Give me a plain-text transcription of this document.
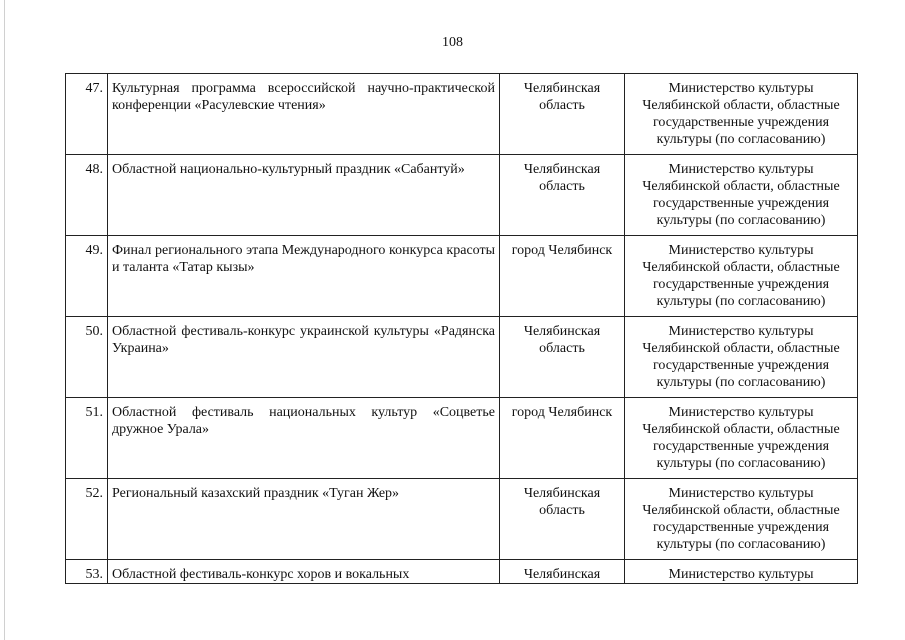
108
47.	Культурная программа всероссийской научно-практической конференции «Расулевские чтения»	Челябинская область	Министерство культуры Челябинской области, областные государственные учреждения культуры (по согласованию)
48.	Областной национально-культурный праздник «Сабантуй»	Челябинская область	Министерство культуры Челябинской области, областные государственные учреждения культуры (по согласованию)
49.	Финал регионального этапа Международного конкурса красоты и таланта «Татар кызы»	город Челябинск	Министерство культуры Челябинской области, областные государственные учреждения культуры (по согласованию)
50.	Областной фестиваль-конкурс украинской культуры «Радянска Украина»	Челябинская область	Министерство культуры Челябинской области, областные государственные учреждения культуры (по согласованию)
51.	Областной фестиваль национальных культур «Соцветье дружное Урала»	город Челябинск	Министерство культуры Челябинской области, областные государственные учреждения культуры (по согласованию)
52.	Региональный казахский праздник «Туган Жер»	Челябинская область	Министерство культуры Челябинской области, областные государственные учреждения культуры (по согласованию)
53.	Областной фестиваль-конкурс хоров и вокальных	Челябинская	Министерство культуры
